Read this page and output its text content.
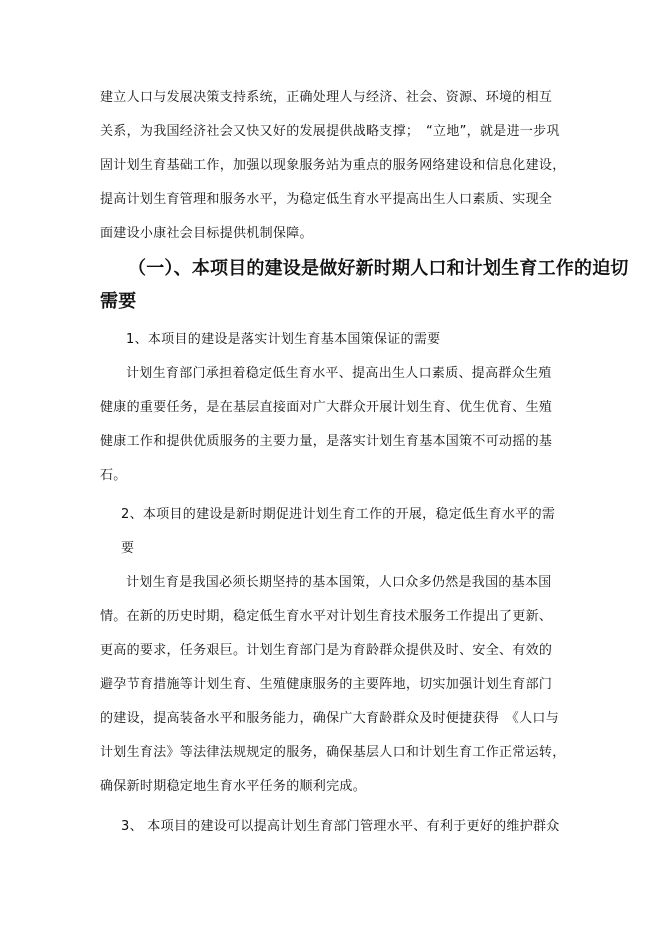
建立人口与发展决策支持系统，正确处理人与经济、社会、资源、环境的相互
关系，为我国经济社会又快又好的发展提供战略支撑；　“立地”，就是进一步巩
固计划生育基础工作，加强以现象服务站为重点的服务网络建设和信息化建设，
提高计划生育管理和服务水平，为稳定低生育水平提高出生人口素质、实现全
面建设小康社会目标提供机制保障。
（一）、本项目的建设是做好新时期人口和计划生育工作的迫切
需要
1、本项目的建设是落实计划生育基本国策保证的需要
计划生育部门承担着稳定低生育水平、提高出生人口素质、提高群众生殖
健康的重要任务，是在基层直接面对广大群众开展计划生育、优生优育、生殖
健康工作和提供优质服务的主要力量，是落实计划生育基本国策不可动摇的基
石。
2、本项目的建设是新时期促进计划生育工作的开展，稳定低生育水平的需
要
计划生育是我国必须长期坚持的基本国策，人口众多仍然是我国的基本国
情。在新的历史时期，稳定低生育水平对计划生育技术服务工作提出了更新、
更高的要求，任务艰巨。计划生育部门是为育龄群众提供及时、安全、有效的
避孕节育措施等计划生育、生殖健康服务的主要阵地，切实加强计划生育部门
的建设，提高装备水平和服务能力，确保广大育龄群众及时便捷获得　《人口与
计划生育法》等法律法规规定的服务，确保基层人口和计划生育工作正常运转，
确保新时期稳定地生育水平任务的顺利完成。
3、 本项目的建设可以提高计划生育部门管理水平、有利于更好的维护群众
